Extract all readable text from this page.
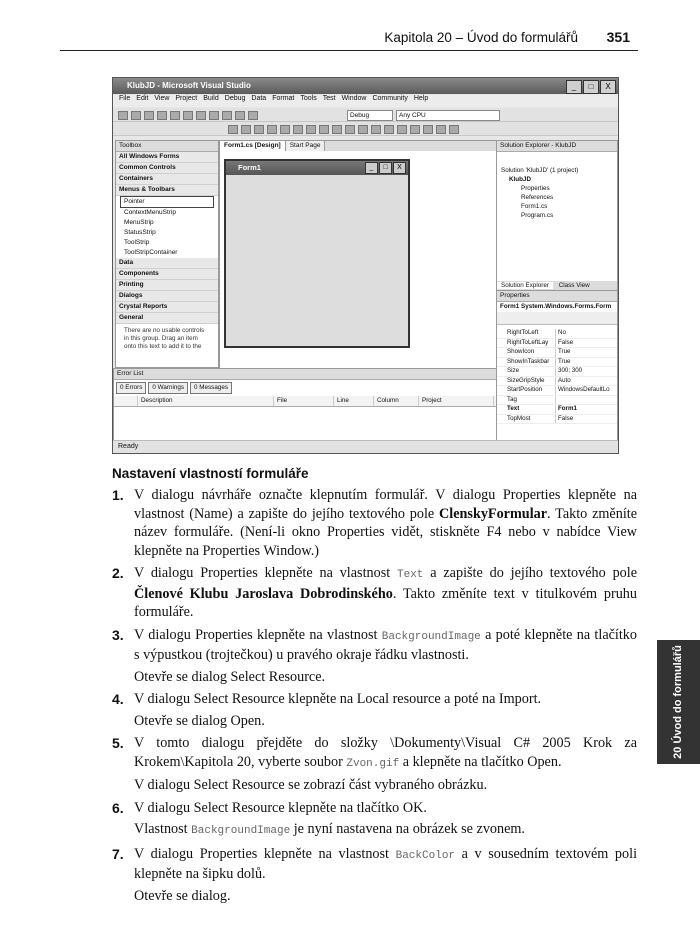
Kapitola 20 – Úvod do formulářů 351
KlubJD - Microsoft Visual Studio	_	□	X
File Edit View Project Build Debug Data Format Tools Test Window Community Help
Debug	Any CPU
Toolbox
All Windows Forms
Common Controls
Containers
Menus & Toolbars
Pointer
ContextMenuStrip
MenuStrip
StatusStrip
ToolStrip
ToolStripContainer
Data
Components
Printing
Dialogs
Crystal Reports
General
There are no usable controls in this group. Drag an item onto this text to add it to the
Form1.cs [Design]	Start Page
Form1	_	□	X
Error List
0 Errors	0 Warnings	0 Messages
Description	File	Line	Column	Project
Solution Explorer - KlubJD
Solution 'KlubJD' (1 project)
KlubJD
Properties
References
Form1.cs
Program.cs
Solution Explorer Class View
Properties
Form1 System.Windows.Forms.Form
RightToLeft	No
RightToLeftLay	False
ShowIcon	True
ShowInTaskbar	True
Size	300; 300
SizeGripStyle	Auto
StartPosition	WindowsDefaultLo
Tag
Text	Form1
TopMost	False
Ready
Nastavení vlastností formuláře
1. V dialogu návrháře označte klepnutím formulář. V dialogu Properties klepněte na vlastnost (Name) a zapište do jejího textového pole ClenskyFormular. Takto změníte název formuláře. (Není-li okno Properties vidět, stiskněte F4 nebo v nabídce View klepněte na Properties Window.)

2. V dialogu Properties klepněte na vlastnost Text a zapište do jejího textového pole Členové Klubu Jaroslava Dobrodinského. Takto změníte text v titulkovém pruhu formuláře.

3. V dialogu Properties klepněte na vlastnost BackgroundImage a poté klepněte na tlačítko s výpustkou (trojtečkou) u pravého okraje řádku vlastnosti.

Otevře se dialog Select Resource.

4. V dialogu Select Resource klepněte na Local resource a poté na Import.

Otevře se dialog Open.

5. V tomto dialogu přejděte do složky \Dokumenty\Visual C# 2005 Krok za Krokem\Kapitola 20, vyberte soubor Zvon.gif a klepněte na tlačítko Open.

V dialogu Select Resource se zobrazí část vybraného obrázku.

6. V dialogu Select Resource klepněte na tlačítko OK.

Vlastnost BackgroundImage je nyní nastavena na obrázek se zvonem.

7. V dialogu Properties klepněte na vlastnost BackColor a v sousedním textovém poli klepněte na šipku dolů.

Otevře se dialog.

20 Úvod do formulářů
